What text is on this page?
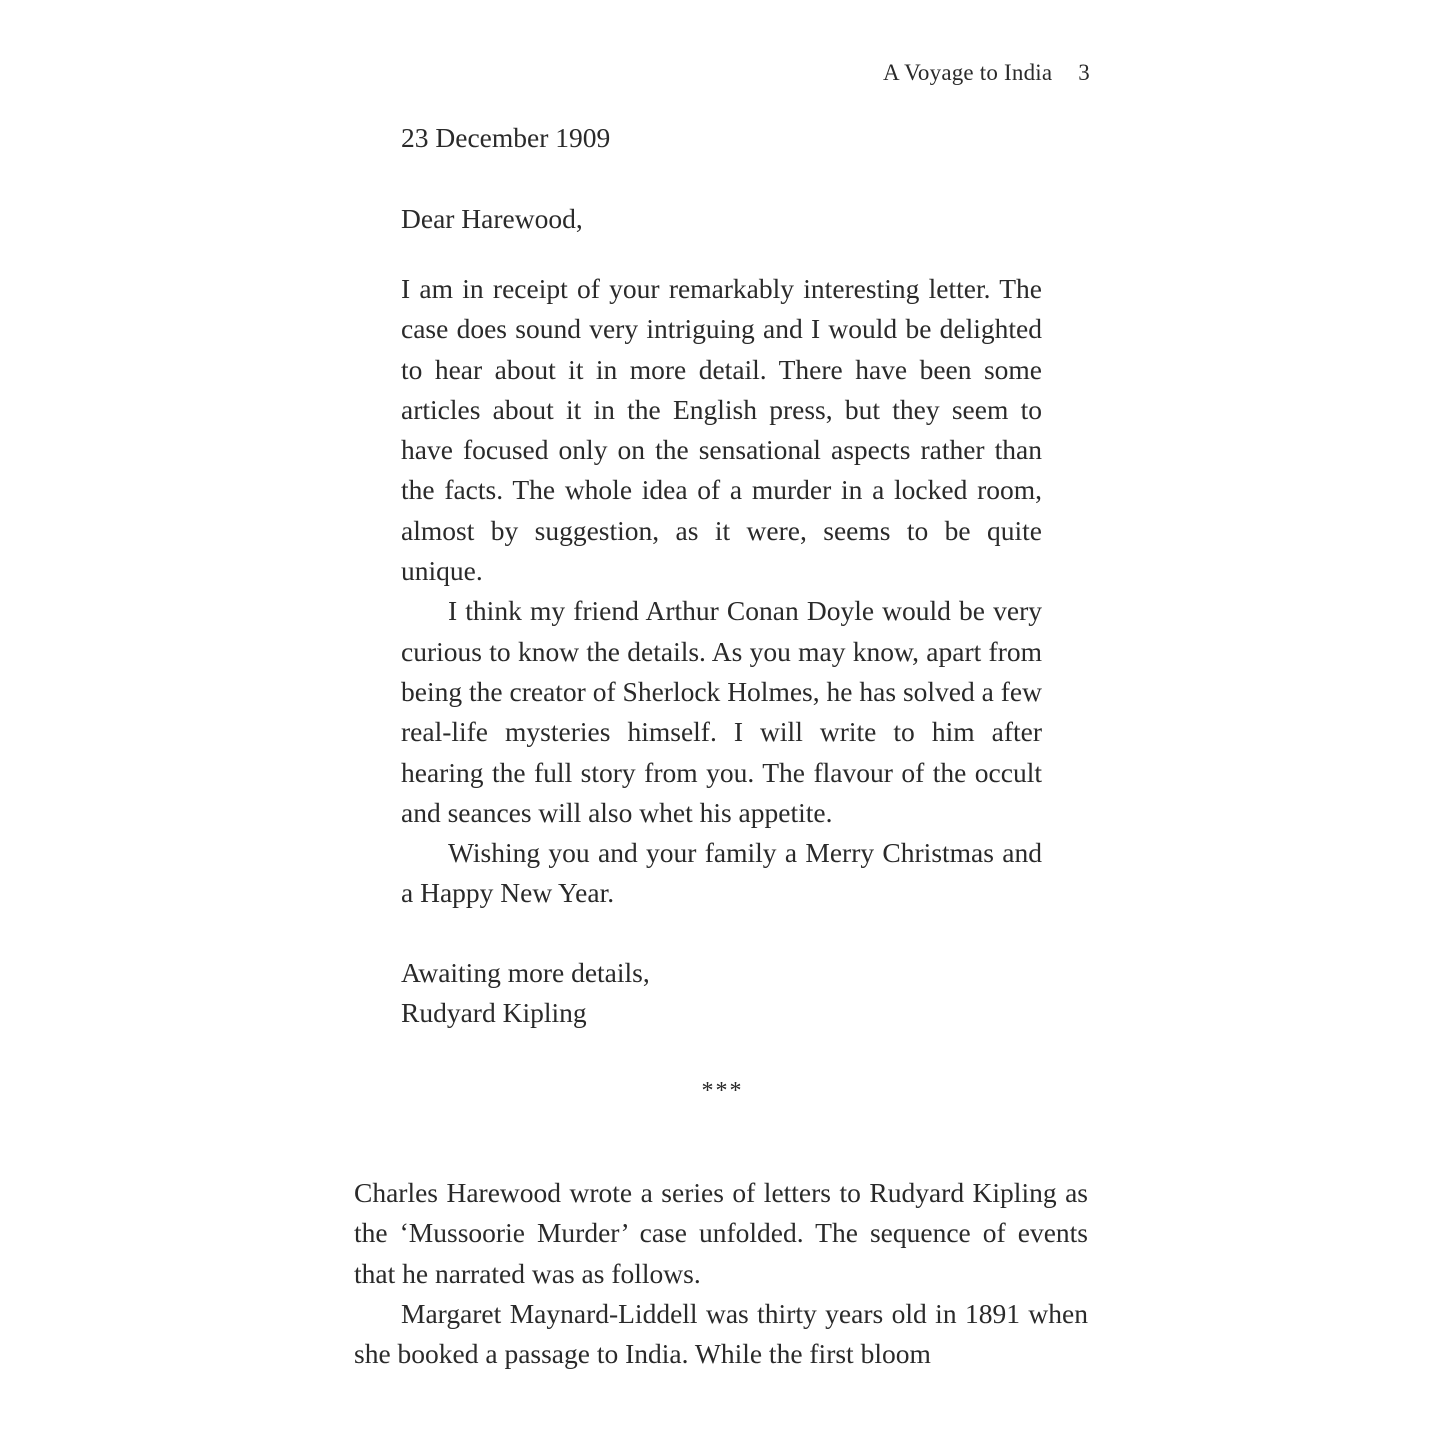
A Voyage to India 3
23 December 1909
Dear Harewood,

I am in receipt of your remarkably interesting letter. The case does sound very intriguing and I would be delighted to hear about it in more detail. There have been some articles about it in the English press, but they seem to have focused only on the sensational aspects rather than the facts. The whole idea of a murder in a locked room, almost by suggestion, as it were, seems to be quite unique.

I think my friend Arthur Conan Doyle would be very curious to know the details. As you may know, apart from being the creator of Sherlock Holmes, he has solved a few real-life mysteries himself. I will write to him after hearing the full story from you. The flavour of the occult and seances will also whet his appetite.

Wishing you and your family a Merry Christmas and a Happy New Year.

Awaiting more details,
Rudyard Kipling
***

Charles Harewood wrote a series of letters to Rudyard Kipling as the ‘Mussoorie Murder’ case unfolded. The sequence of events that he narrated was as follows.

Margaret Maynard-Liddell was thirty years old in 1891 when she booked a passage to India. While the first bloom
